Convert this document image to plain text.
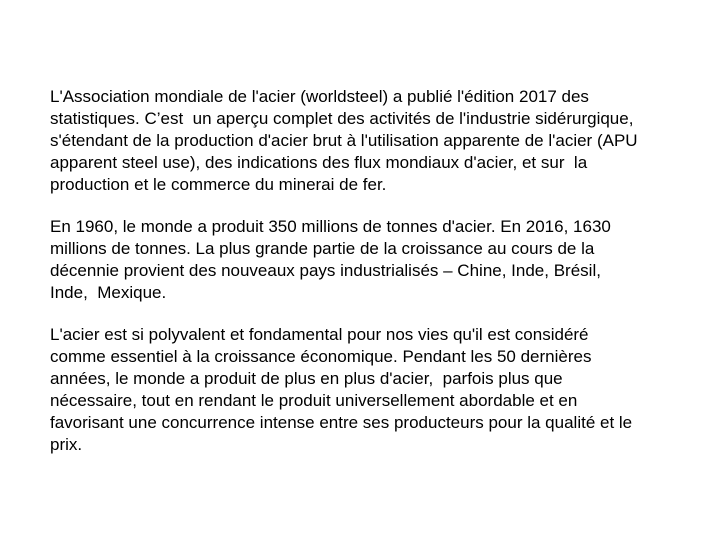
L'Association mondiale de l'acier (worldsteel) a publié l'édition 2017 des
statistiques. C’est  un aperçu complet des activités de l'industrie sidérurgique,
s'étendant de la production d'acier brut à l'utilisation apparente de l'acier (APU
apparent steel use), des indications des flux mondiaux d'acier, et sur  la
production et le commerce du minerai de fer.

En 1960, le monde a produit 350 millions de tonnes d'acier. En 2016, 1630
millions de tonnes. La plus grande partie de la croissance au cours de la
décennie provient des nouveaux pays industrialisés – Chine, Inde, Brésil,
Inde,  Mexique.

L'acier est si polyvalent et fondamental pour nos vies qu'il est considéré
comme essentiel à la croissance économique. Pendant les 50 dernières
années, le monde a produit de plus en plus d'acier,  parfois plus que
nécessaire, tout en rendant le produit universellement abordable et en
favorisant une concurrence intense entre ses producteurs pour la qualité et le
prix.
